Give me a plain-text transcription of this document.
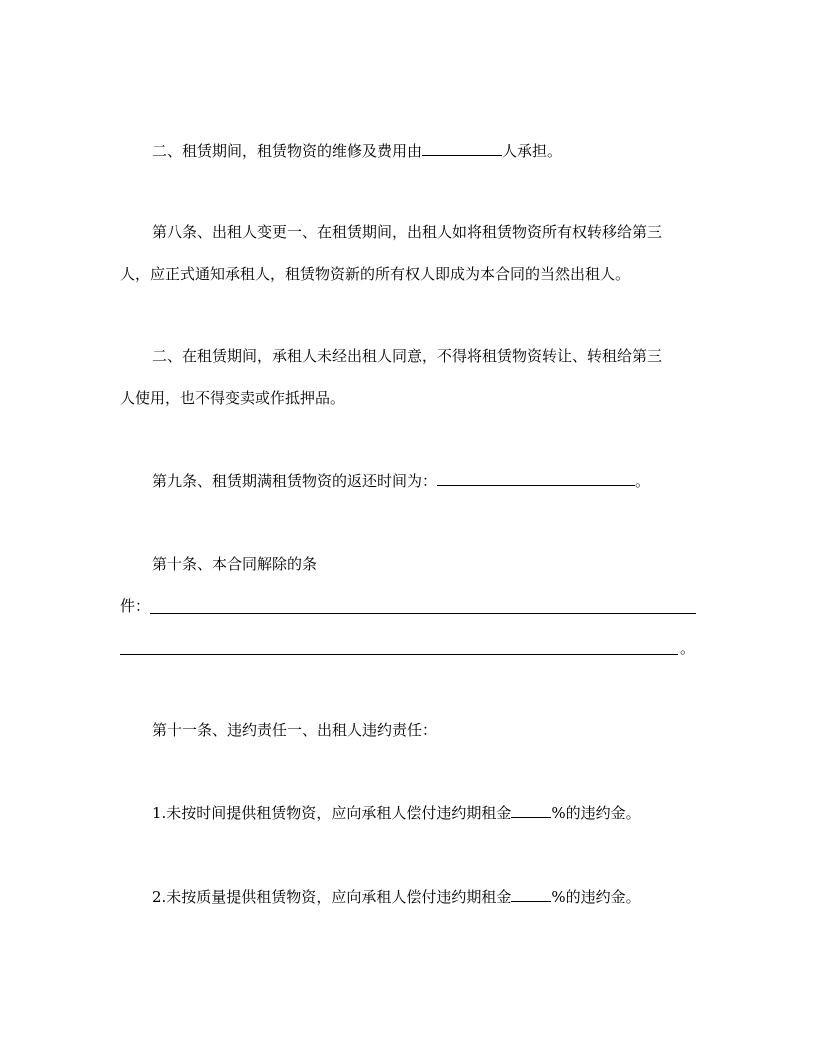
二、租赁期间，租赁物资的维修及费用由	人承担。
第八条、出租人变更一、在租赁期间，出租人如将租赁物资所有权转移给第三
人，应正式通知承租人，租赁物资新的所有权人即成为本合同的当然出租人。
二、在租赁期间，承租人未经出租人同意，不得将租赁物资转让、转租给第三
人使用，也不得变卖或作抵押品。
第九条、租赁期满租赁物资的返还时间为：	。
第十条、本合同解除的条
件：
。
第十一条、违约责任一、出租人违约责任：
1.未按时间提供租赁物资，应向承租人偿付违约期租金	%的违约金。
2.未按质量提供租赁物资，应向承租人偿付违约期租金	%的违约金。
